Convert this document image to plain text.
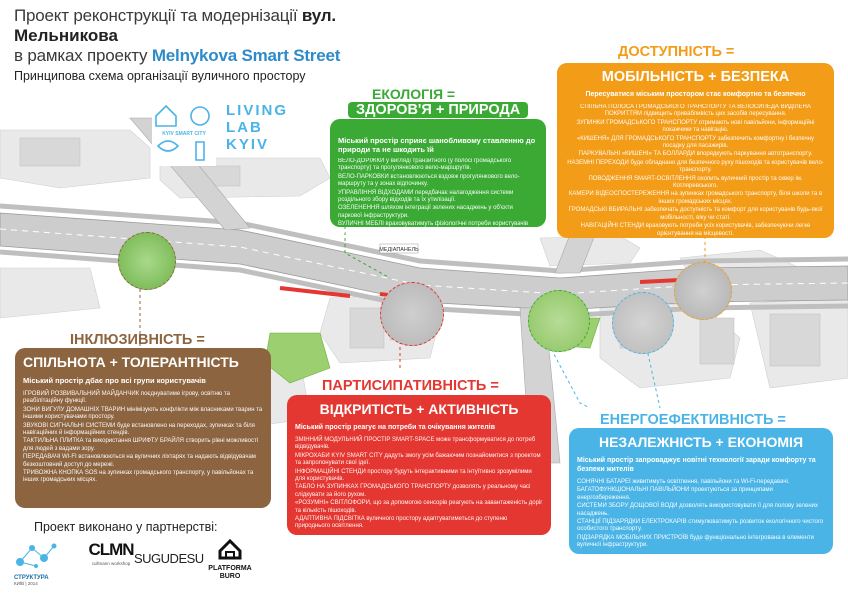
Проект реконструкції та модернізації вул.
Мельникова
в рамках проекту Melnykova Smart Street
Принципова схема організації вуличного простору
МЕДІАПАНЕЛЬ
KYIV SMART CITY
LIVING
LAB
KYIV
ЕКОЛОГІЯ =
ЗДОРОВ'Я + ПРИРОДА
Міський простір сприяє шанобливому ставленню до природи та не шкодить їй

ВЕЛО-ДОРІЖКИ у вигляді транзитного (у полосі громадського транспорту) та прогулянкового вело-маршрутів.

ВЕЛО-ПАРКОВКИ встановлюються вздовж прогулянкового вело-маршруту та у зонах відпочинку.

УПРАВЛІННЯ ВІДХОДАМИ передбачає налагодження системи роздільного збору відходів та їх утилізації.

ОЗЕЛЕНЕННЯ шляхом інтеграції зелених насаджень у об'єкти паркової інфраструктури.

ВУЛИЧНІ МЕБЛІ враховуватимуть фізіологічні потреби користувачів різного віку та ступеню мобільності.

ДОСТУПНІСТЬ =
МОБІЛЬНІСТЬ + БЕЗПЕКА
Пересуватися міським простором стає комфортно та безпечно

СПІЛЬНА ПОЛОСА ГРОМАДСЬКОГО ТРАНСПОРТУ ТА ВЕЛОСИПЕДА ВИДІЛЕНА ПОКРИТТЯМ підвищить привабливість цих засобів пересування.

ЗУПИНКИ ГРОМАДСЬКОГО ТРАНСПОРТУ отримають нові павільйони, інформаційні покажчики та навігацію.

«КИШЕНЯ» ДЛЯ ГРОМАДСЬКОГО ТРАНСПОРТУ забезпечить комфортну і безпечну посадку для пасажирів.

ПАРКУВАЛЬНІ «КИШЕНІ» ТА БОЛЛАРДИ впорядкують паркування автотранспорту.

НАЗЕМНІ ПЕРЕХОДИ буде обладнано для безпечного руху пішоходів та користувачів вело-транспорту.

ПОВОДЖЕННЯ SMART-ОСВІТЛЕННЯ охопить вуличний простір та сквер ім. Котляревського.

КАМЕРИ ВІДЕОСПОСТЕРЕЖЕННЯ на зупинках громадського транспорту, біля школи та в інших громадських місцях.

ГРОМАДСЬКІ ВБИРАЛЬНІ забезпечать доступність та комфорт для користувачів будь-якої мобільності, віку чи статі.

НАВІГАЦІЙНІ СТЕНДИ враховують потреби усіх користувачів, забезпечуючи легке орієнтування на місцевості.

ІНКЛЮЗИВНІСТЬ =
СПІЛЬНОТА + ТОЛЕРАНТНІСТЬ
Міський простір дбає про всі групи користувачів

ІГРОВИЙ РОЗВИВАЛЬНИЙ МАЙДАНЧИК поєднуватиме ігрову, освітню та реабілітаційну функції.

ЗОНИ ВИГУЛУ ДОМАШНІХ ТВАРИН мінімізують конфлікти між власниками тварин та іншими користувачами простору.

ЗВУКОВІ СИГНАЛЬНІ СИСТЕМИ буде встановлено на переходах, зупинках та біля навігаційних й інформаційних стендів.

ТАКТИЛЬНА ПЛИТКА та використання ШРИФТУ БРАЙЛЯ створить рівні можливості для людей з вадами зору.

ПЕРЕДАВАЧІ WI-FI встановлюються на вуличних ліхтарях та надають відвідувачам безкоштовний доступ до мережі.

ТРИВОЖНА КНОПКА SOS на зупинках громадського транспорту, у павільйонах та інших громадських місцях.

ПАРТИСИПАТИВНІСТЬ =
ВІДКРИТІСТЬ + АКТИВНІСТЬ
Міський простір реагує на потреби та очікування жителів

ЗМІННИЙ МОДУЛЬНИЙ ПРОСТІР SMART-SPACE може трансформуватися до потреб відвідувачів.

МІКРОХАБИ KYIV SMART CITY дадуть змогу усім бажаючим познайомитися з проектом та запропонувати свої ідеї.

ІНФОРМАЦІЙНІ СТЕНДИ простору будуть інтерактивними та інтуїтивно зрозумілими для користувачів.

ТАБЛО НА ЗУПИНКАХ ГРОМАДСЬКОГО ТРАНСПОРТУ дозволять у реальному часі слідкувати за його рухом.

«РОЗУМНІ» СВІТЛОФОРИ, що за допомогою сенсорів реагують на завантаженість доріг та кількість пішоходів.

АДАПТИВНА ПІДСВІТКА вуличного простору адаптуватиметься до ступеню природнього освітлення.

ЕНЕРГОЕФЕКТИВНІСТЬ =
НЕЗАЛЕЖНІСТЬ + ЕКОНОМІЯ
Міський простір запроваджує новітні технології заради комфорту та безпеки жителів

СОНЯЧНІ БАТАРЕЇ живитимуть освітлення, павільйони та Wi-Fi-передавачі.

БАГАТОФУНКЦІОНАЛЬНІ ПАВІЛЬЙОНИ проектуються за принципами енергозбереження.

СИСТЕМИ ЗБОРУ ДОЩОВОЇ ВОДИ дозволять використовувати її для полову зелених насаджень.

СТАНЦІЇ ПІДЗАРЯДКИ ЕЛЕКТРОКАРІВ стимулюватимуть розвиток екологічного чистого особистого транспорту.

ПІДЗАРЯДКА МОБІЛЬНИХ ПРИСТРОЇВ буде функціонально інтегрована в елементи вуличної інфраструктури.

Проект виконано у партнерстві:
СТРУКТУРА
КИЇВ | 2014
CLMN
cullmann workshop SUGUDESU
PLATFORMA
BURO
